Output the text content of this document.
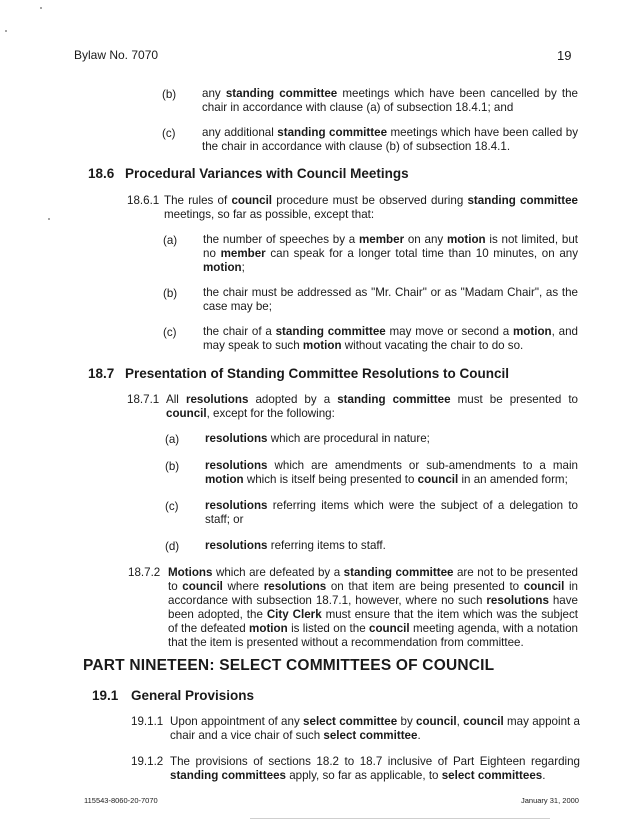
Bylaw No. 7070	19
(b) any standing committee meetings which have been cancelled by the chair in accordance with clause (a) of subsection 18.4.1; and
(c) any additional standing committee meetings which have been called by the chair in accordance with clause (b) of subsection 18.4.1.
18.6 Procedural Variances with Council Meetings
18.6.1 The rules of council procedure must be observed during standing committee meetings, so far as possible, except that:
(a) the number of speeches by a member on any motion is not limited, but no member can speak for a longer total time than 10 minutes, on any motion;
(b) the chair must be addressed as "Mr. Chair" or as "Madam Chair", as the case may be;
(c) the chair of a standing committee may move or second a motion, and may speak to such motion without vacating the chair to do so.
18.7 Presentation of Standing Committee Resolutions to Council
18.7.1 All resolutions adopted by a standing committee must be presented to council, except for the following:
(a) resolutions which are procedural in nature;
(b) resolutions which are amendments or sub-amendments to a main motion which is itself being presented to council in an amended form;
(c) resolutions referring items which were the subject of a delegation to staff; or
(d) resolutions referring items to staff.
18.7.2 Motions which are defeated by a standing committee are not to be presented to council where resolutions on that item are being presented to council in accordance with subsection 18.7.1, however, where no such resolutions have been adopted, the City Clerk must ensure that the item which was the subject of the defeated motion is listed on the council meeting agenda, with a notation that the item is presented without a recommendation from committee.
PART NINETEEN: SELECT COMMITTEES OF COUNCIL
19.1 General Provisions
19.1.1 Upon appointment of any select committee by council, council may appoint a chair and a vice chair of such select committee.
19.1.2 The provisions of sections 18.2 to 18.7 inclusive of Part Eighteen regarding standing committees apply, so far as applicable, to select committees.
115543-8060-20-7070	January 31, 2000
